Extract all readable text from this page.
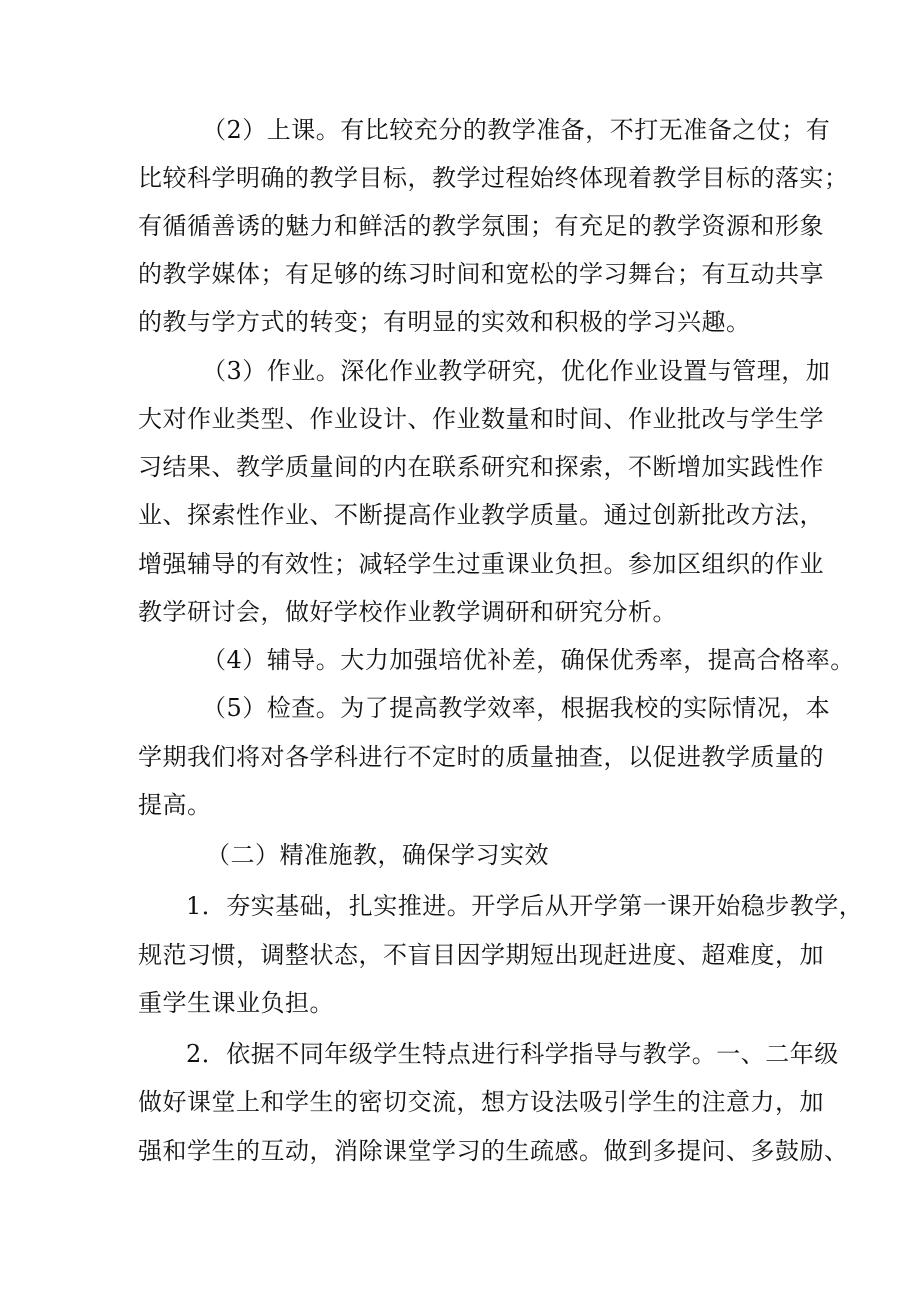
（2）上课。有比较充分的教学准备，不打无准备之仗；有
比较科学明确的教学目标，教学过程始终体现着教学目标的落实；
有循循善诱的魅力和鲜活的教学氛围；有充足的教学资源和形象
的教学媒体；有足够的练习时间和宽松的学习舞台；有互动共享
的教与学方式的转变；有明显的实效和积极的学习兴趣。
（3）作业。深化作业教学研究，优化作业设置与管理，加
大对作业类型、作业设计、作业数量和时间、作业批改与学生学
习结果、教学质量间的内在联系研究和探索，不断增加实践性作
业、探索性作业、不断提高作业教学质量。通过创新批改方法，
增强辅导的有效性；减轻学生过重课业负担。参加区组织的作业
教学研讨会，做好学校作业教学调研和研究分析。
（4）辅导。大力加强培优补差，确保优秀率，提高合格率。
（5）检查。为了提高教学效率，根据我校的实际情况，本
学期我们将对各学科进行不定时的质量抽查，以促进教学质量的
提高。
（二）精准施教，确保学习实效
1．夯实基础，扎实推进。开学后从开学第一课开始稳步教学，
规范习惯，调整状态，不盲目因学期短出现赶进度、超难度，加
重学生课业负担。
2．依据不同年级学生特点进行科学指导与教学。一、二年级
做好课堂上和学生的密切交流，想方设法吸引学生的注意力，加
强和学生的互动，消除课堂学习的生疏感。做到多提问、多鼓励、
